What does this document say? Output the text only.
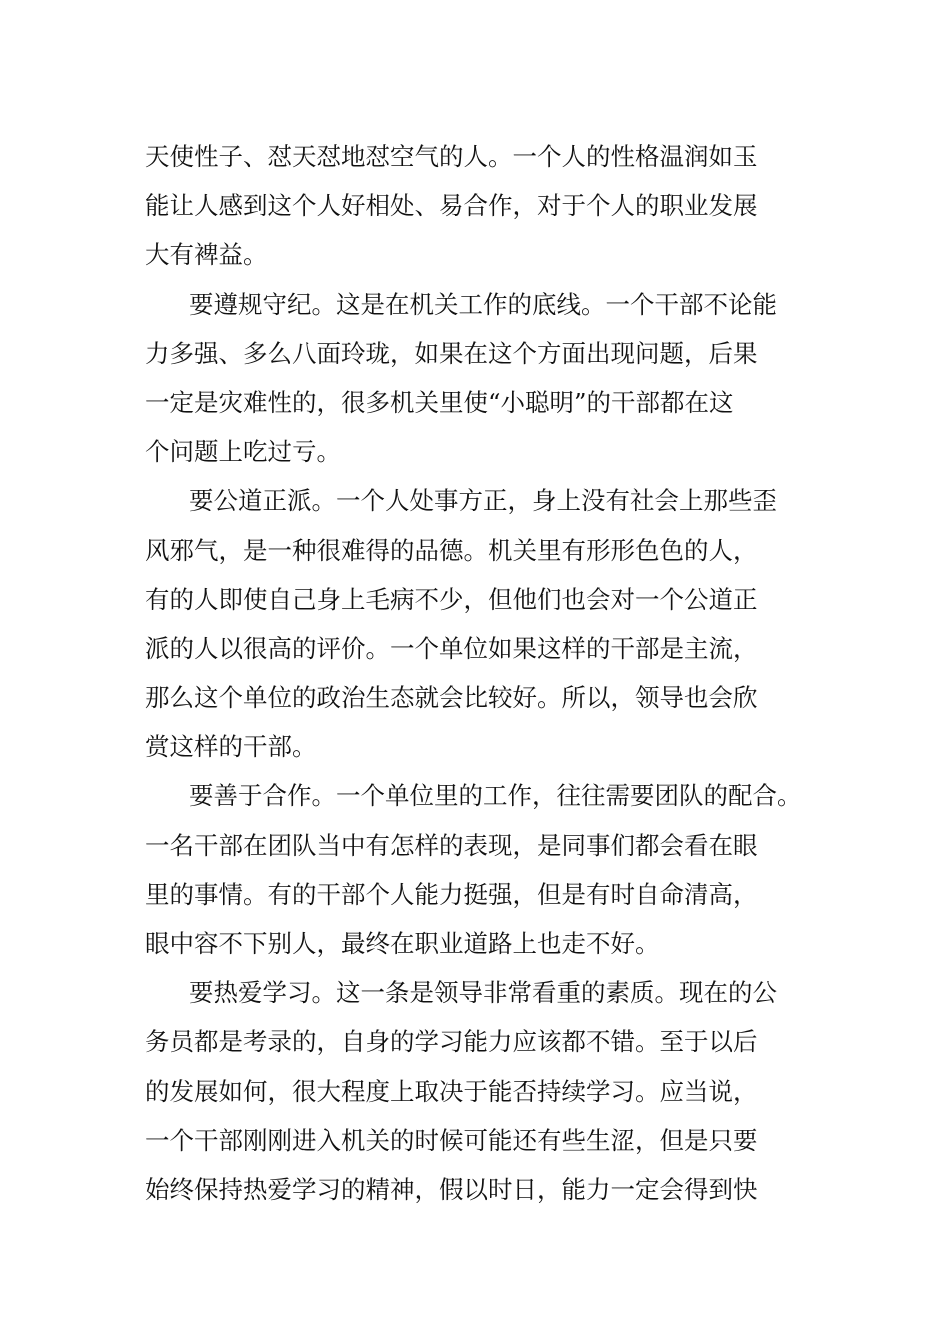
天使性子、怼天怼地怼空气的人。一个人的性格温润如玉
能让人感到这个人好相处、易合作，对于个人的职业发展
大有裨益。
要遵规守纪。这是在机关工作的底线。一个干部不论能
力多强、多么八面玲珑，如果在这个方面出现问题，后果
一定是灾难性的，很多机关里使“小聪明”的干部都在这
个问题上吃过亏。
要公道正派。一个人处事方正，身上没有社会上那些歪
风邪气，是一种很难得的品德。机关里有形形色色的人，
有的人即使自己身上毛病不少，但他们也会对一个公道正
派的人以很高的评价。一个单位如果这样的干部是主流，
那么这个单位的政治生态就会比较好。所以，领导也会欣
赏这样的干部。
要善于合作。一个单位里的工作，往往需要团队的配合。
一名干部在团队当中有怎样的表现，是同事们都会看在眼
里的事情。有的干部个人能力挺强，但是有时自命清高，
眼中容不下别人，最终在职业道路上也走不好。
要热爱学习。这一条是领导非常看重的素质。现在的公
务员都是考录的，自身的学习能力应该都不错。至于以后
的发展如何，很大程度上取决于能否持续学习。应当说，
一个干部刚刚进入机关的时候可能还有些生涩，但是只要
始终保持热爱学习的精神，假以时日，能力一定会得到快
